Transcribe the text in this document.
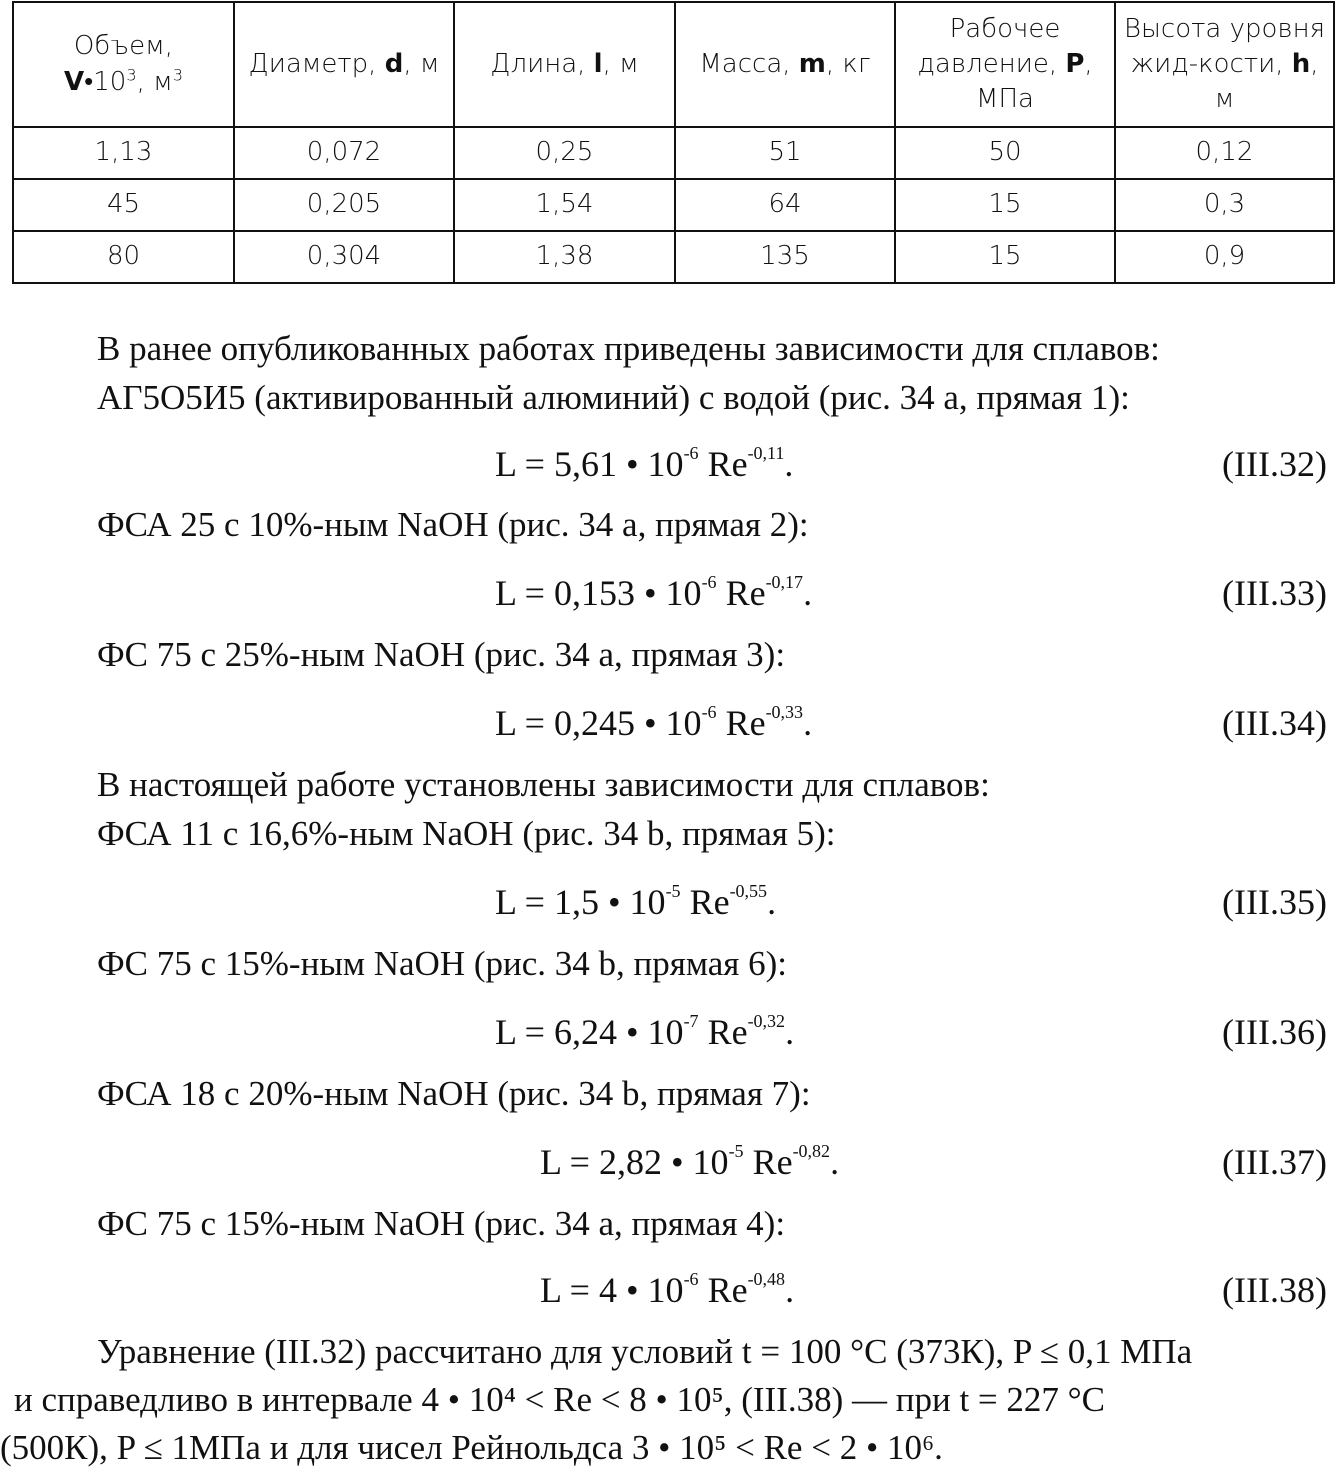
Объем,
$V•10^3$, $м^3$	Диаметр, d, м	Длина, l, м	Масса, m, кг	Рабочее давление, P, МПа	Высота уровня жид-кости, h, м
1,13	0,072	0,25	51	50	0,12
45	0,205	1,54	64	15	0,3
80	0,304	1,38	135	15	0,9
В ранее опубликованных работах приведены зависимости для сплавов:
АГ5О5И5 (активированный алюминий) с водой (рис. 34 а, прямая 1):
L = 5,61 • $10^{-6}$ $Re^{-0,11}$.	(III.32)
ФСА 25 с 10%-ным NaOH (рис. 34 а, прямая 2):
L = 0,153 • $10^{-6}$ $Re^{-0,17}$.	(III.33)
ФС 75 с 25%-ным NaOH (рис. 34 а, прямая 3):
L = 0,245 • $10^{-6}$ $Re^{-0,33}$.	(III.34)
В настоящей работе установлены зависимости для сплавов:
ФСА 11 с 16,6%-ным NaOH (рис. 34 b, прямая 5):
L = 1,5 • $10^{-5}$ $Re^{-0,55}$.	(III.35)
ФС 75 с 15%-ным NaOH (рис. 34 b, прямая 6):
L = 6,24 • $10^{-7}$ $Re^{-0,32}$.	(III.36)
ФСА 18 с 20%-ным NaOH (рис. 34 b, прямая 7):
L = 2,82 • $10^{-5}$ $Re^{-0,82}$.	(III.37)
ФС 75 с 15%-ным NaOH (рис. 34 а, прямая 4):
L = 4 • $10^{-6}$ $Re^{-0,48}$.	(III.38)
Уравнение (III.32) рассчитано для условий t = 100 °С (373К), P ≤ 0,1 МПа
и справедливо в интервале 4 • 10⁴ < Re < 8 • 10⁵, (III.38) — при t = 227 °С
(500К), P ≤ 1МПа и для чисел Рейнольдса 3 • 10⁵ < Re < 2 • 10⁶.
